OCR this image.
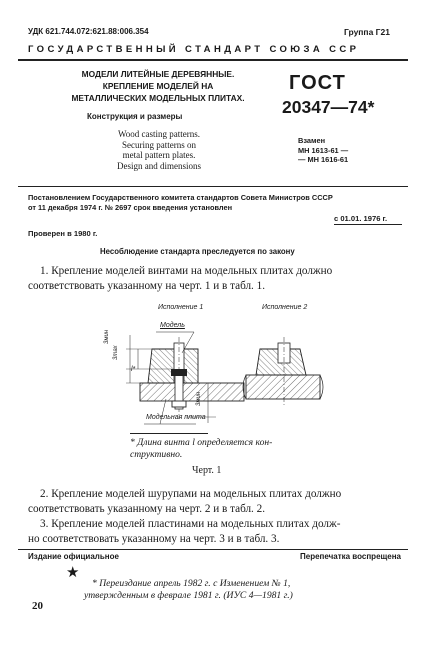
УДК 621.744.072:621.88:006.354	Группа Г21
ГОСУДАРСТВЕННЫЙ СТАНДАРТ СОЮЗА ССР

МОДЕЛИ ЛИТЕЙНЫЕ ДЕРЕВЯННЫЕ.

КРЕПЛЕНИЕ МОДЕЛЕЙ НА

МЕТАЛЛИЧЕСКИХ МОДЕЛЬНЫХ ПЛИТАХ.

Конструкция и размеры

Wood casting patterns.

Securing patterns on

metal pattern plates.

Design and dimensions

ГОСТ
20347—74*

Взамен

МН 1613-61 —

— МН 1616-61

Постановлением Государственного комитета стандартов Совета Министров СССР

от 11 декабря 1974 г. № 2697 срок введения установлен

с 01.01. 1976 г.
Проверен в 1980 г.
Несоблюдение стандарта преследуется по закону

1. Крепление моделей винтами на модельных плитах должно

соответствовать указанному на черт. 1 и в табл. 1.

Исполнение 1	Исполнение 2
Модель
Модельная плита
3мин
3max
l*
3мин

* Длина винта l определяется кон-

структивно.

Черт. 1

2. Крепление моделей шурупами на модельных плитах должно

соответствовать указанному на черт. 2 и в табл. 2.

3. Крепление моделей пластинами на модельных плитах долж-

но соответствовать указанному на черт. 3 и в табл. 3.

Издание официальное	Перепечатка воспрещена
★

* Переиздание апрель 1982 г. с Изменением № 1,

утвержденным в феврале 1981 г. (ИУС 4—1981 г.)

20
